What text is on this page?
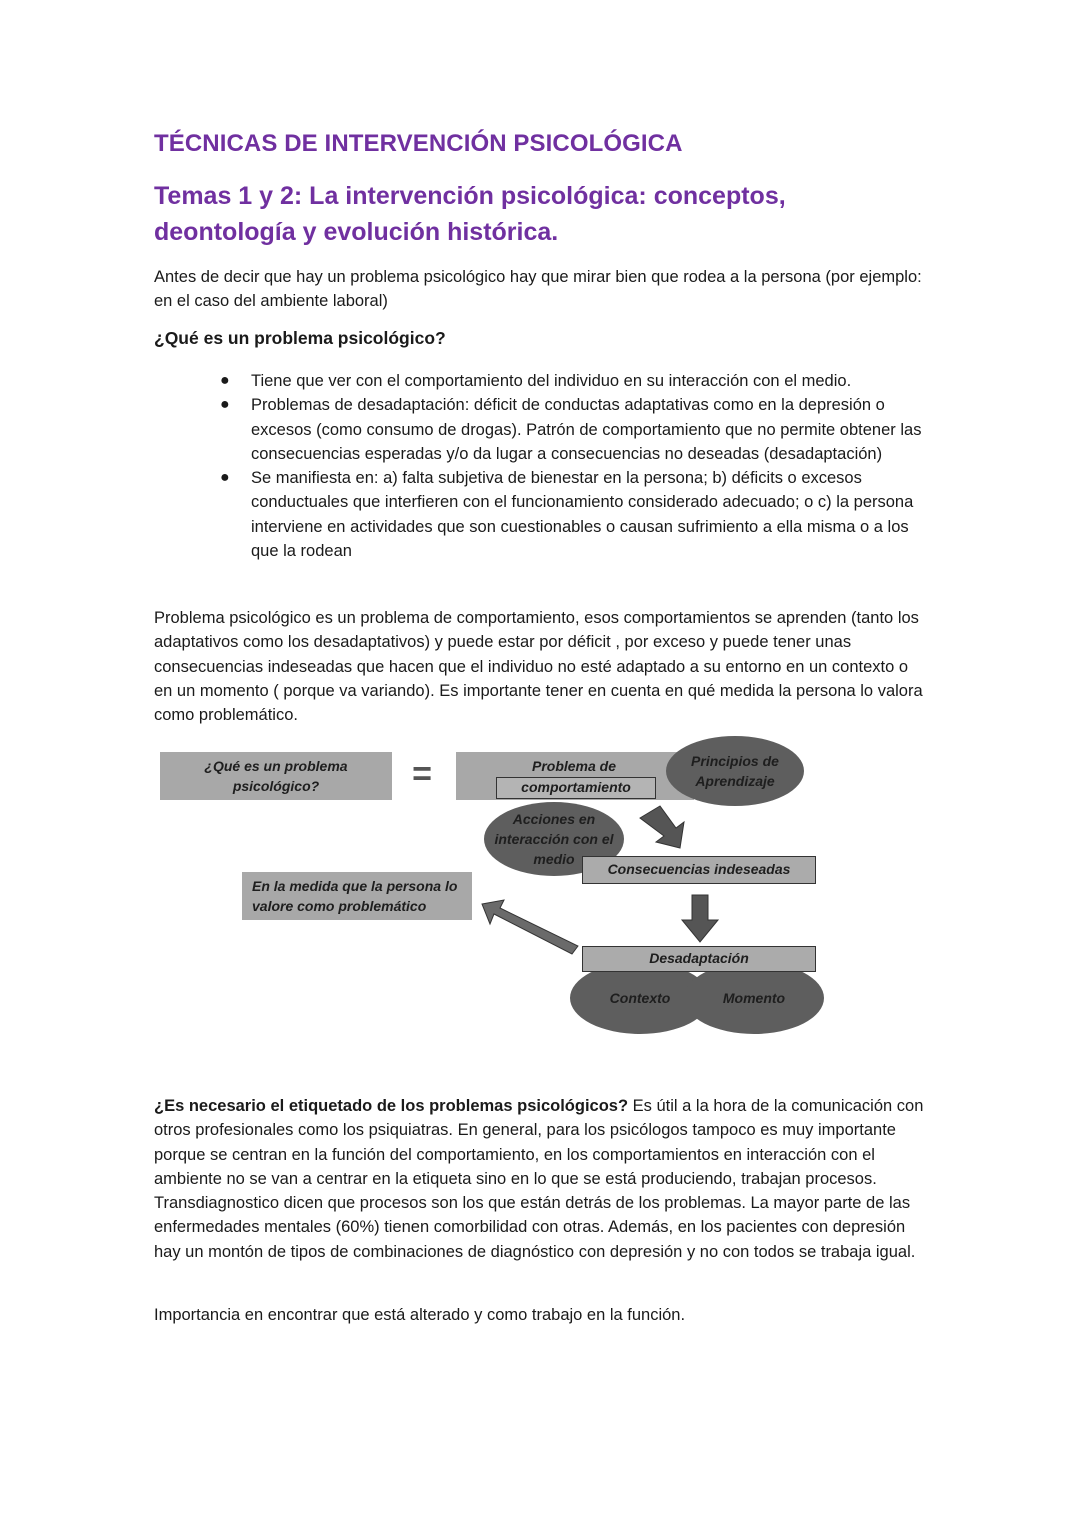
TÉCNICAS DE INTERVENCIÓN PSICOLÓGICA
Temas 1 y 2: La intervención psicológica: conceptos, deontología y evolución histórica.

Antes de decir que hay un problema psicológico hay que mirar bien que rodea a la persona (por ejemplo: en el caso del ambiente laboral)

¿Qué es un problema psicológico?
● Tiene que ver con el comportamiento del individuo en su interacción con el medio.
● Problemas de desadaptación: déficit de conductas adaptativas como en la depresión o excesos (como consumo de drogas). Patrón de comportamiento que no permite obtener las consecuencias esperadas y/o da lugar a consecuencias no deseadas (desadaptación)
● Se manifiesta en: a) falta subjetiva de bienestar en la persona; b) déficits o excesos conductuales que interfieren con el funcionamiento considerado adecuado; o c) la persona interviene en actividades que son cuestionables o causan sufrimiento a ella misma o a los que la rodean

Problema psicológico es un problema de comportamiento, esos comportamientos se aprenden (tanto los adaptativos como los desadaptativos) y puede estar por déficit , por exceso y puede tener unas consecuencias indeseadas que hacen que el individuo no esté adaptado a su entorno en un contexto o en un momento ( porque va variando). Es importante tener en cuenta en qué medida la persona lo valora como problemático.

¿Qué es un problema psicológico?	=	Problema de
comportamiento
Principios de Aprendizaje
Acciones en interacción con el medio
Consecuencias indeseadas
En la medida que la persona lo valore como problemático
Contexto	Momento
Desadaptación

¿Es necesario el etiquetado de los problemas psicológicos? Es útil a la hora de la comunicación con otros profesionales como los psiquiatras. En general, para los psicólogos tampoco es muy importante porque se centran en la función del comportamiento, en los comportamientos en interacción con el ambiente no se van a centrar en la etiqueta sino en lo que se está produciendo, trabajan procesos. Transdiagnostico dicen que procesos son los que están detrás de los problemas. La mayor parte de las enfermedades mentales (60%) tienen comorbilidad con otras. Además, en los pacientes con depresión hay un montón de tipos de combinaciones de diagnóstico con depresión y no con todos se trabaja igual.

Importancia en encontrar que está alterado y como trabajo en la función.
